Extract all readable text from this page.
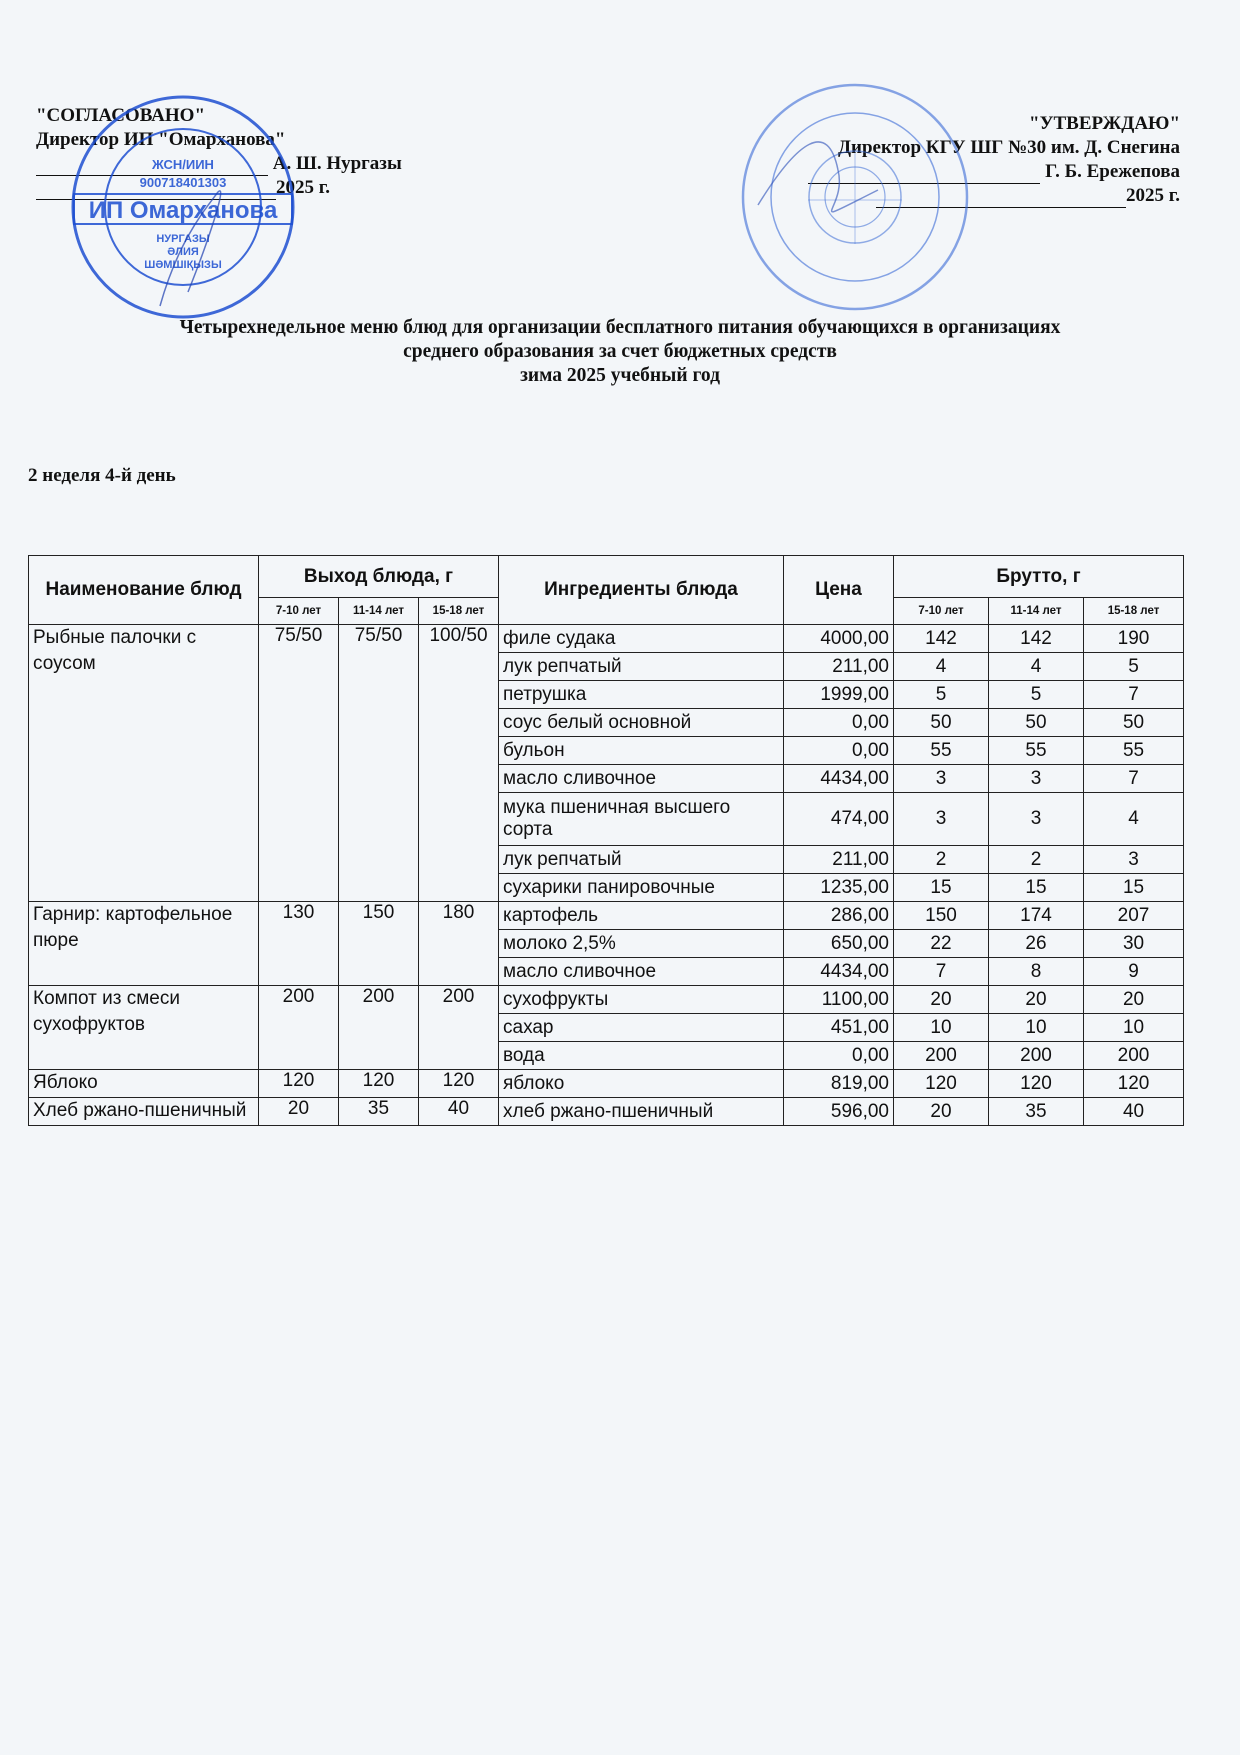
"СОГЛАСОВАНО"
Директор ИП "Омарханова"
А. Ш. Нургазы
2025 г.
"УТВЕРЖДАЮ"
Директор КГУ ШГ №30 им. Д. Снегина
Г. Б. Ережепова
2025 г.
ЖСН/ИИН
900718401303
ИП Омарханова
НУРГАЗЫ
ӘЛИЯ
ШӘМШІҚЫЗЫ
Четырехнедельное меню блюд для организации бесплатного питания обучающихся в организациях
среднего образования за счет бюджетных средств
зима 2025 учебный год
2 неделя 4-й день
Наименование блюд	Выход блюда, г			Ингредиенты блюда	Цена	Брутто, г		
	7-10 лет	11-14 лет	15-18 лет			7-10 лет	11-14 лет	15-18 лет
Рыбные палочки с соусом	75/50	75/50	100/50	филе судака	4000,00	142	142	190
				лук репчатый	211,00	4	4	5
				петрушка	1999,00	5	5	7
				соус белый основной	0,00	50	50	50
				бульон	0,00	55	55	55
				масло сливочное	4434,00	3	3	7
				мука пшеничная высшего сорта	474,00	3	3	4
				лук репчатый	211,00	2	2	3
				сухарики панировочные	1235,00	15	15	15
Гарнир: картофельное пюре	130	150	180	картофель	286,00	150	174	207
				молоко 2,5%	650,00	22	26	30
				масло сливочное	4434,00	7	8	9
Компот из смеси сухофруктов	200	200	200	сухофрукты	1100,00	20	20	20
				сахар	451,00	10	10	10
				вода	0,00	200	200	200
Яблоко	120	120	120	яблоко	819,00	120	120	120
Хлеб ржано-пшеничный	20	35	40	хлеб ржано-пшеничный	596,00	20	35	40
